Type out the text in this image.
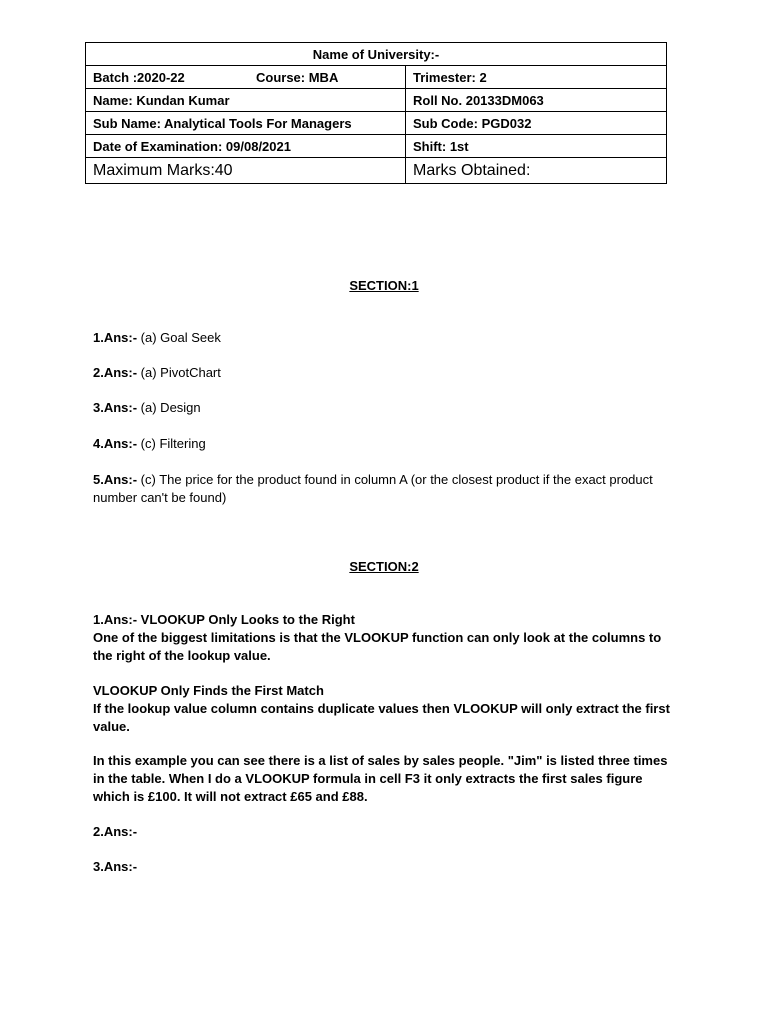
Name of University:-	

Batch :2020-22 Course: MBA	Trimester: 2
Name: Kundan Kumar	Roll No. 20133DM063
Sub Name: Analytical Tools For Managers	Sub Code: PGD032
Date of Examination: 09/08/2021	Shift: 1st
Maximum Marks:40	Marks Obtained:
SECTION:1
1.Ans:- (a) Goal Seek
2.Ans:- (a) PivotChart
3.Ans:- (a) Design
4.Ans:- (c) Filtering
5.Ans:- (c) The price for the product found in column A (or the closest product if the exact product number can't be found)
SECTION:2
1.Ans:- VLOOKUP Only Looks to the Right
One of the biggest limitations is that the VLOOKUP function can only look at the columns to the right of the lookup value.
VLOOKUP Only Finds the First Match
If the lookup value column contains duplicate values then VLOOKUP will only extract the first value.
In this example you can see there is a list of sales by sales people. "Jim" is listed three times in the table. When I do a VLOOKUP formula in cell F3 it only extracts the first sales figure which is £100. It will not extract £65 and £88.
2.Ans:-
3.Ans:-
